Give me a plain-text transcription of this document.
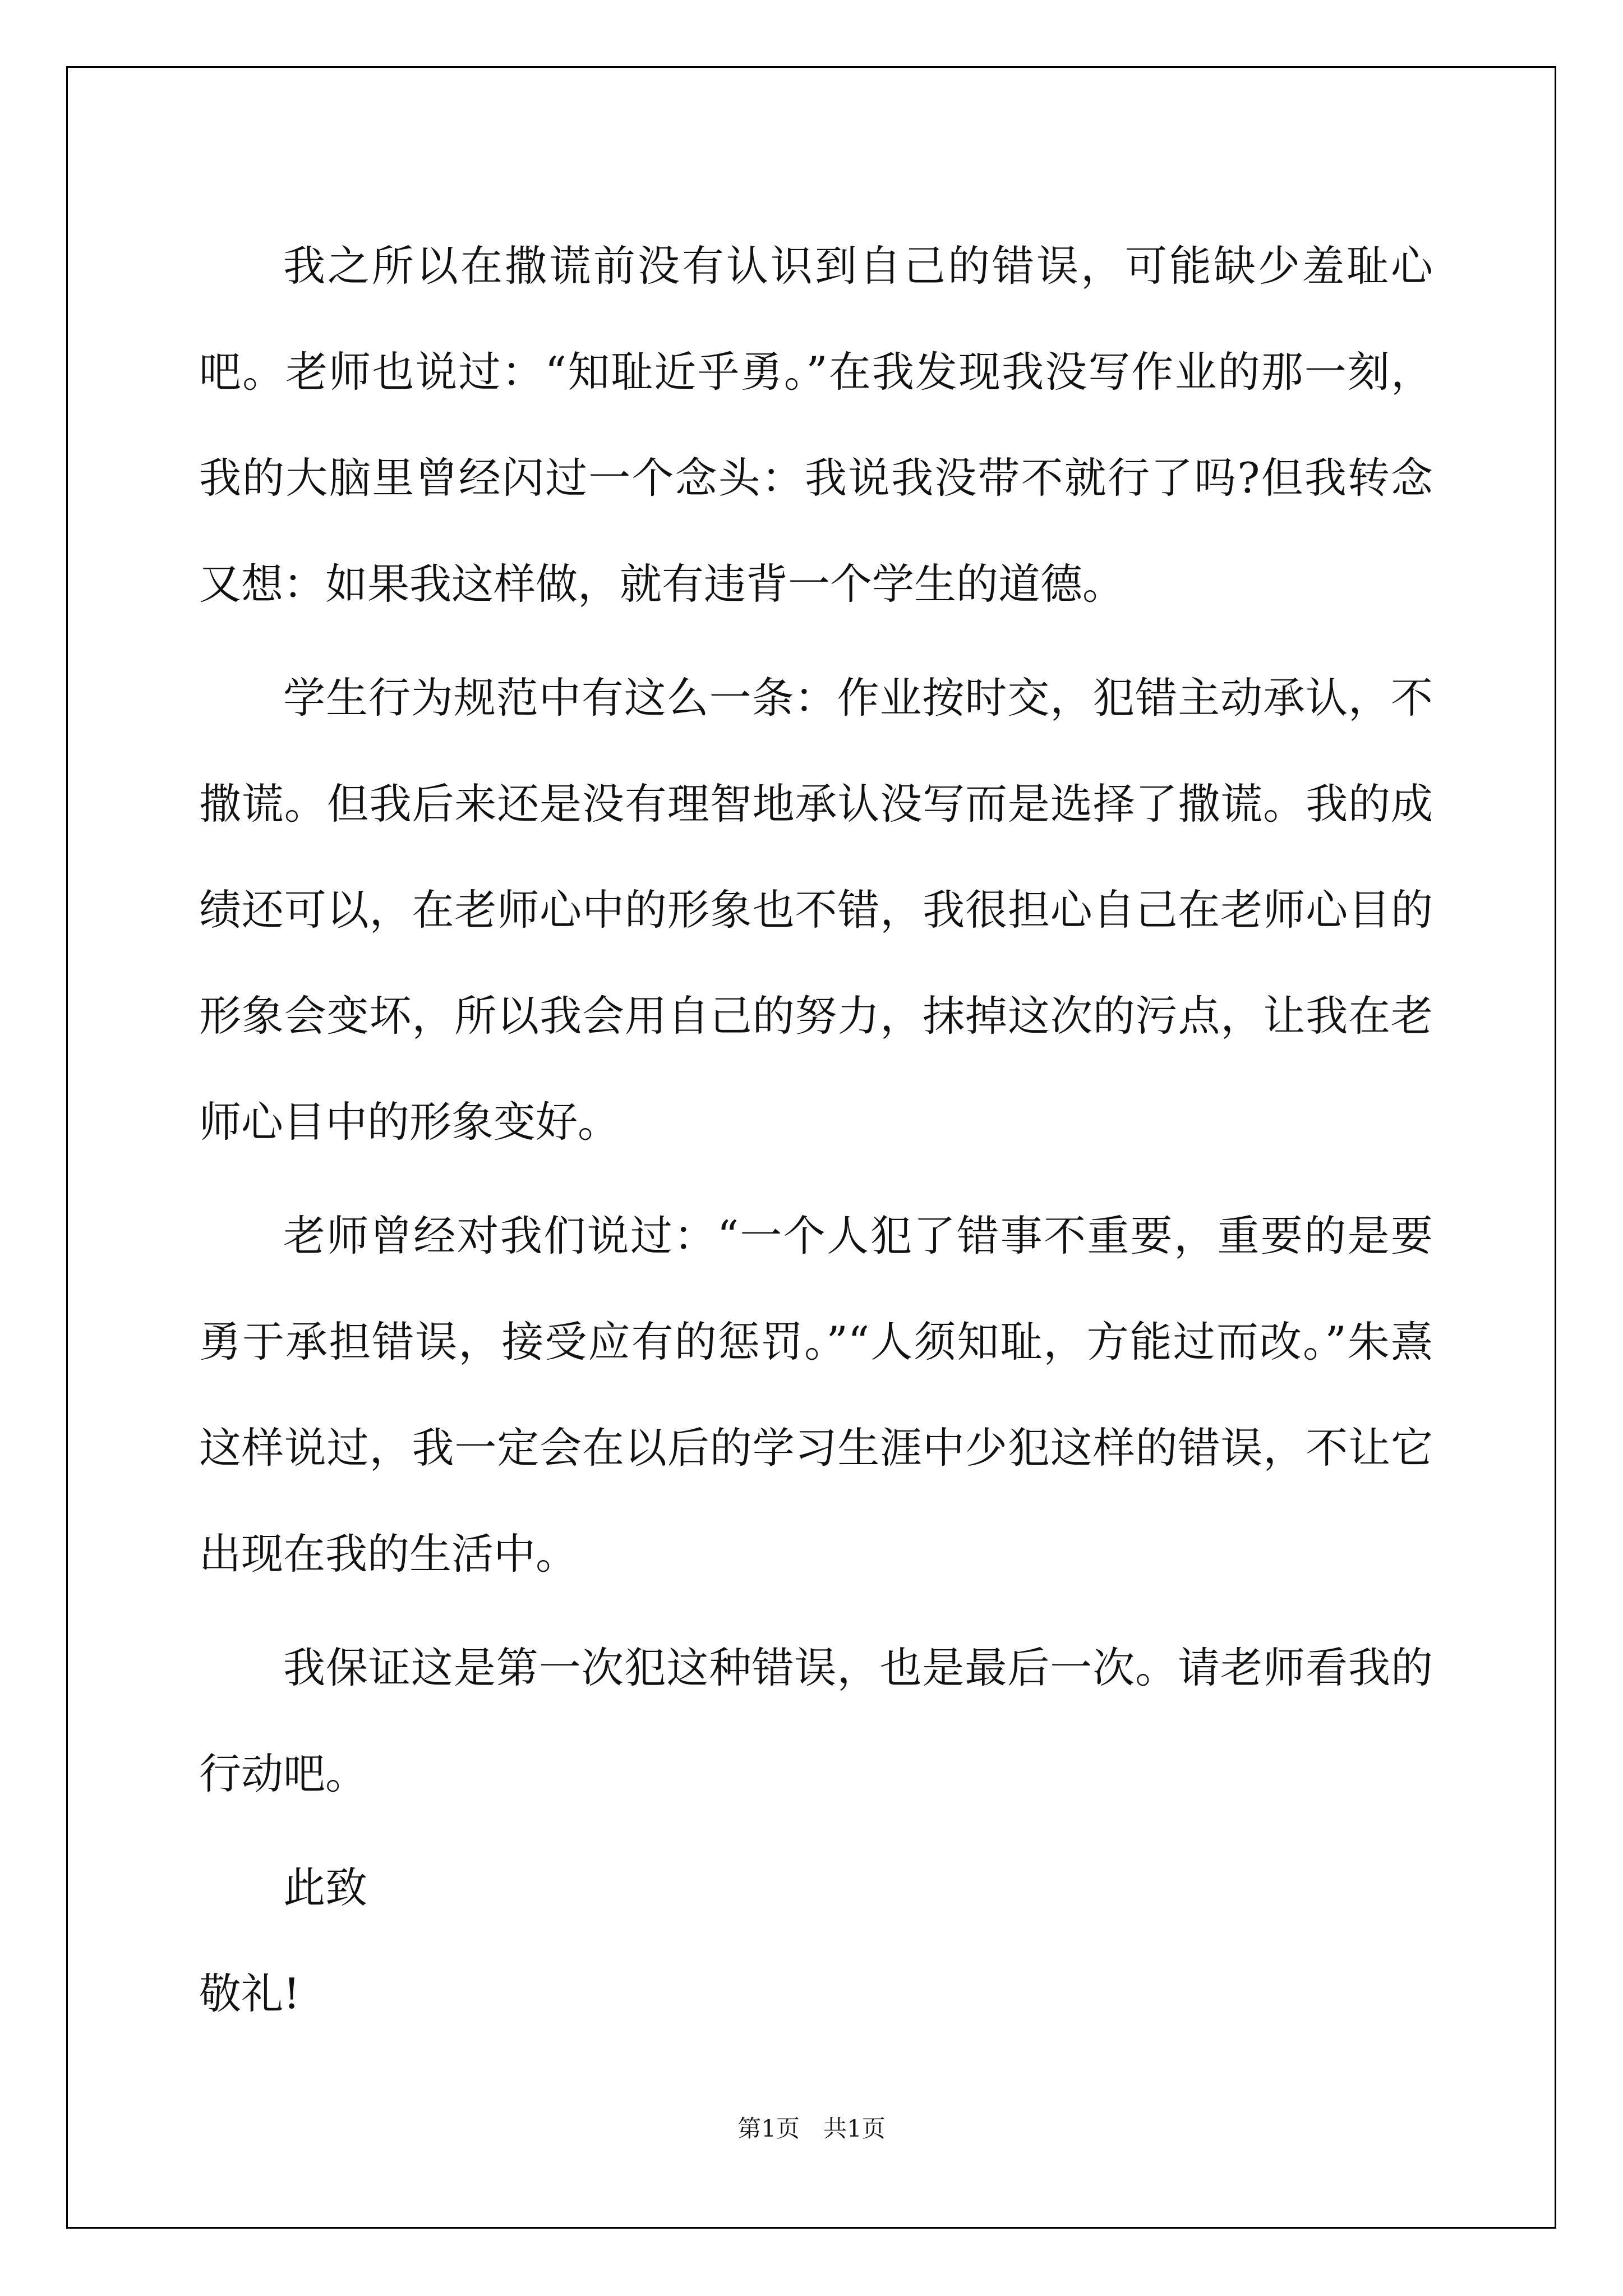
我之所以在撒谎前没有认识到自己的错误，可能缺少羞耻心吧。老师也说过：“知耻近乎勇。”在我发现我没写作业的那一刻，我的大脑里曾经闪过一个念头：我说我没带不就行了吗?但我转念又想：如果我这样做，就有违背一个学生的道德。

学生行为规范中有这么一条：作业按时交，犯错主动承认，不撒谎。但我后来还是没有理智地承认没写而是选择了撒谎。我的成绩还可以，在老师心中的形象也不错，我很担心自己在老师心目的形象会变坏，所以我会用自己的努力，抹掉这次的污点，让我在老师心目中的形象变好。

老师曾经对我们说过：“一个人犯了错事不重要，重要的是要勇于承担错误，接受应有的惩罚。”“人须知耻，方能过而改。”朱熹这样说过，我一定会在以后的学习生涯中少犯这样的错误，不让它出现在我的生活中。

我保证这是第一次犯这种错误，也是最后一次。请老师看我的行动吧。

此致

敬礼!

第1页　共1页
